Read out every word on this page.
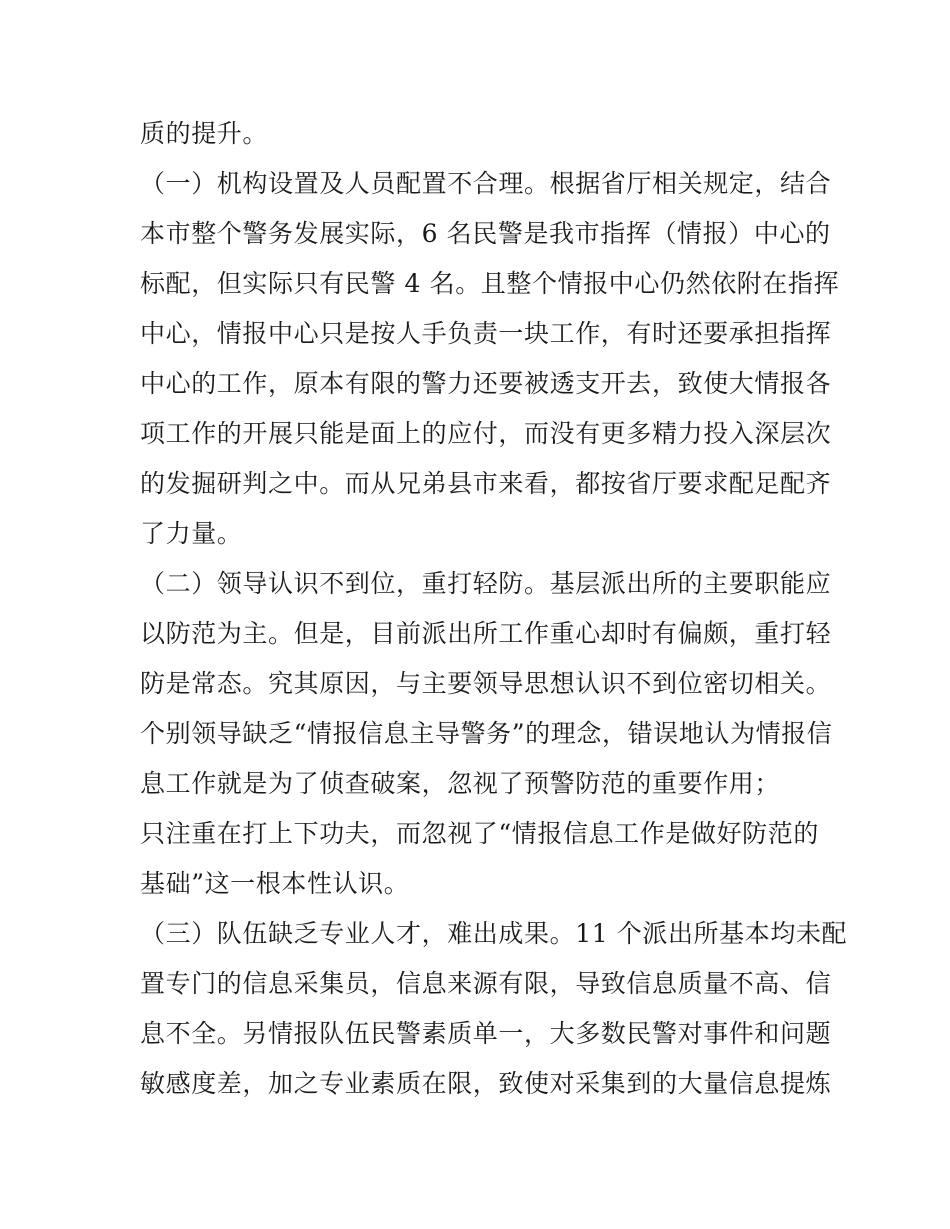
质的提升。
（一）机构设置及人员配置不合理。根据省厅相关规定，结合
本市整个警务发展实际，6 名民警是我市指挥（情报）中心的
标配，但实际只有民警 4 名。且整个情报中心仍然依附在指挥
中心，情报中心只是按人手负责一块工作，有时还要承担指挥
中心的工作，原本有限的警力还要被透支开去，致使大情报各
项工作的开展只能是面上的应付，而没有更多精力投入深层次
的发掘研判之中。而从兄弟县市来看，都按省厅要求配足配齐
了力量。
（二）领导认识不到位，重打轻防。基层派出所的主要职能应
以防范为主。但是，目前派出所工作重心却时有偏颇，重打轻
防是常态。究其原因，与主要领导思想认识不到位密切相关。
个别领导缺乏“情报信息主导警务”的理念，错误地认为情报信
息工作就是为了侦查破案，忽视了预警防范的重要作用；
只注重在打上下功夫，而忽视了“情报信息工作是做好防范的
基础”这一根本性认识。
（三）队伍缺乏专业人才，难出成果。11 个派出所基本均未配
置专门的信息采集员，信息来源有限，导致信息质量不高、信
息不全。另情报队伍民警素质单一，大多数民警对事件和问题
敏感度差，加之专业素质在限，致使对采集到的大量信息提炼
